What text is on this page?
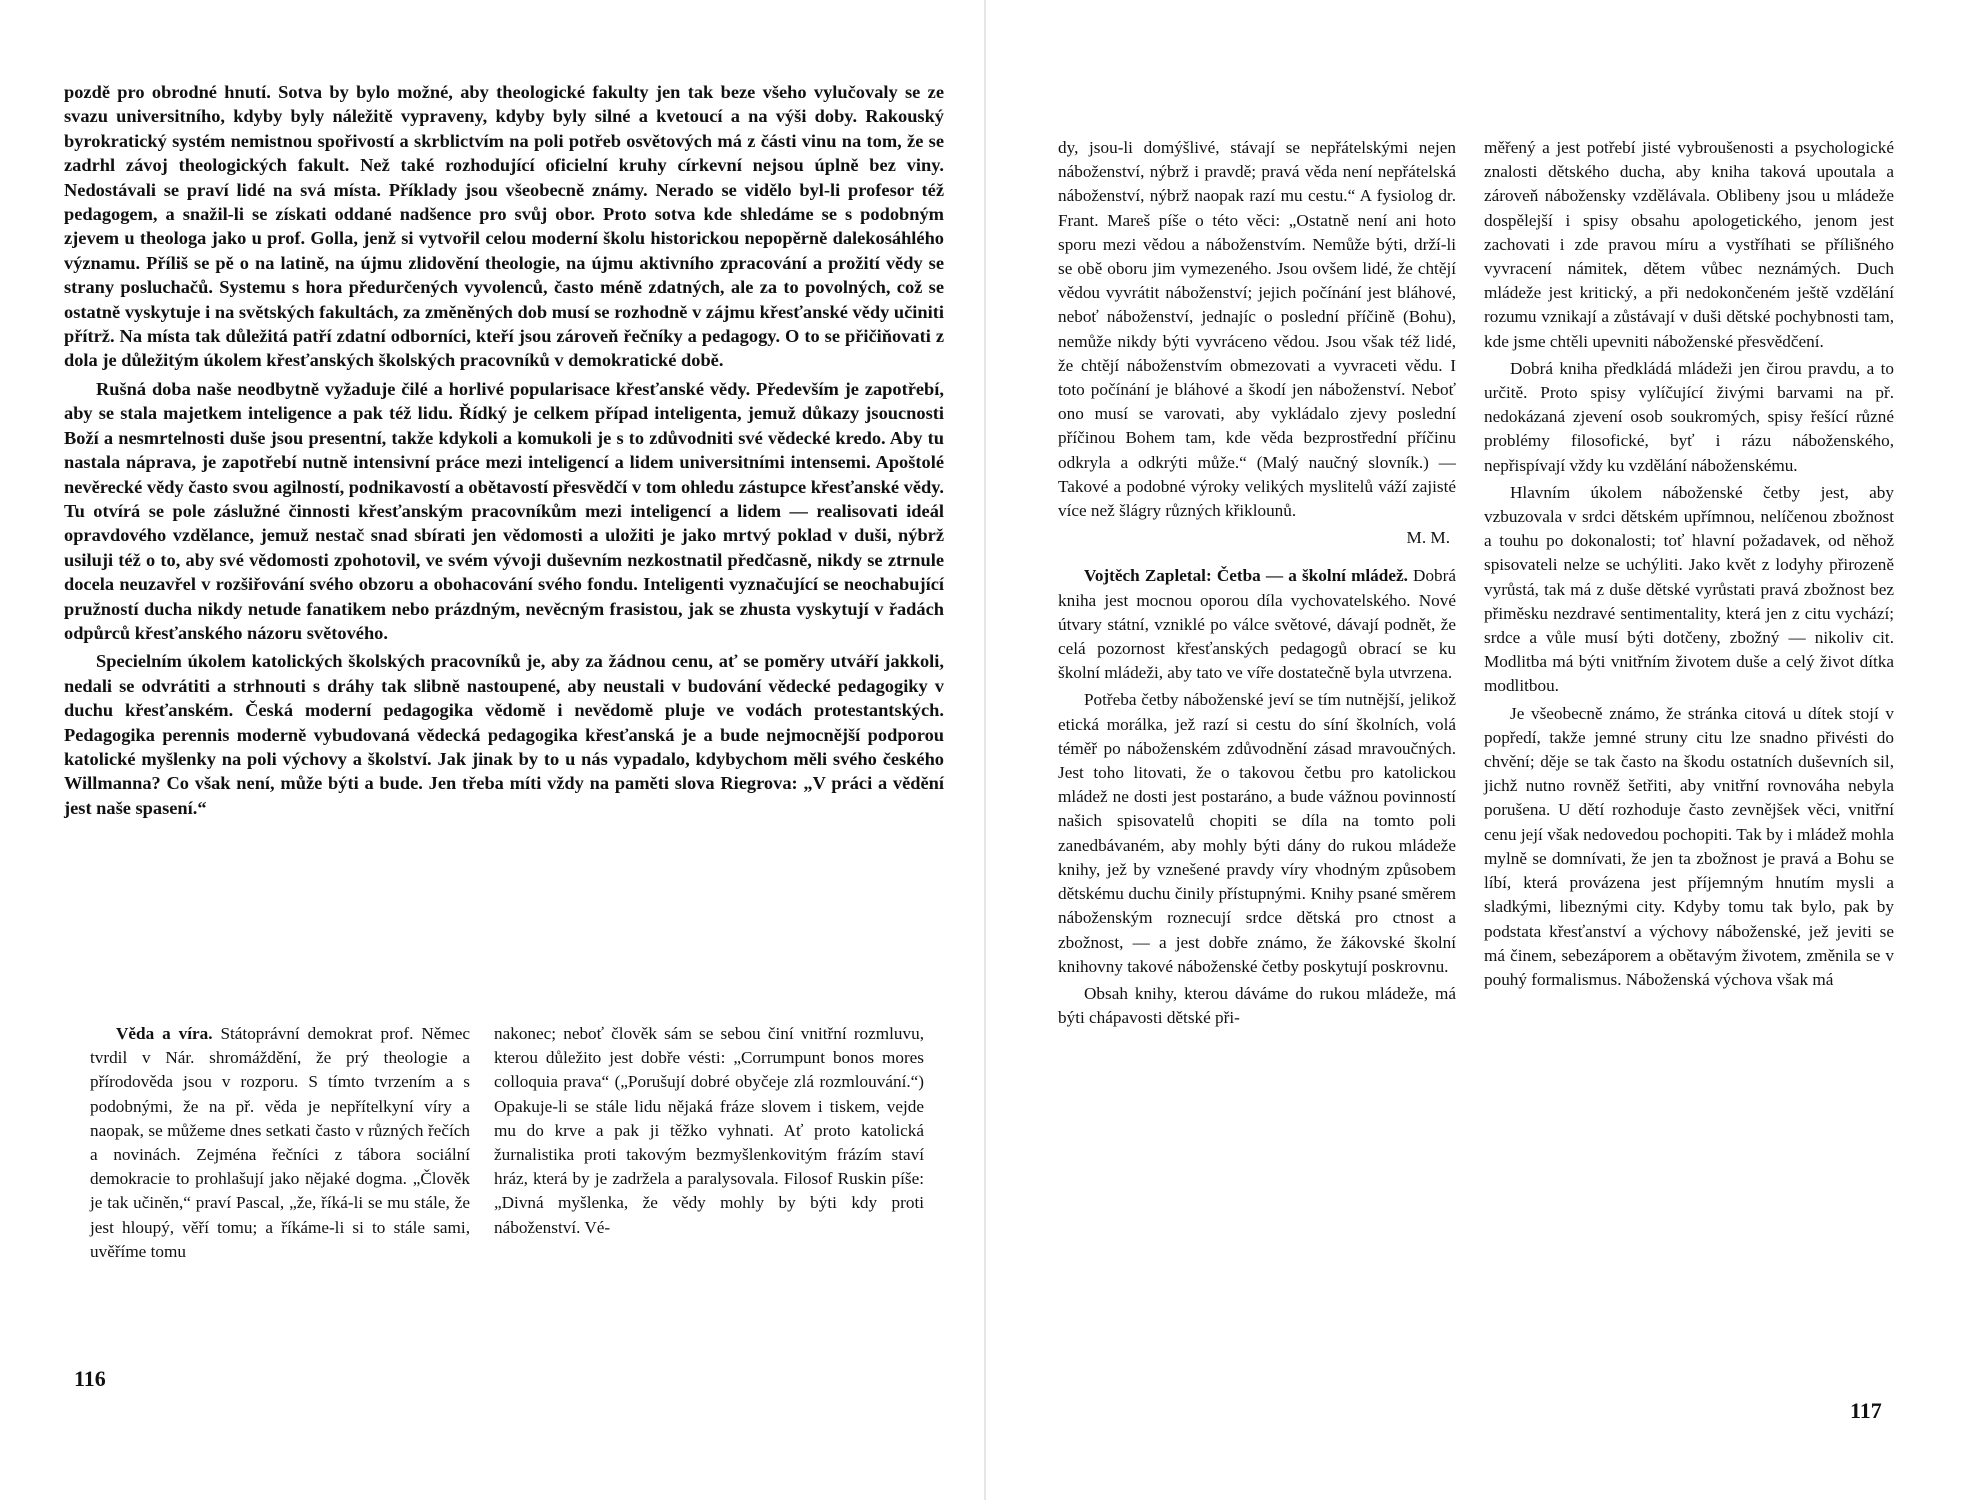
pozdě pro obrodné hnutí. Sotva by bylo možné, aby theologické fakulty jen tak beze všeho vylučovaly se ze svazu universitního, kdyby byly náležitě vypraveny, kdyby byly silné a kvetoucí a na výši doby. Rakouský byrokratický systém nemistnou spořivostí a skrblictvím na poli potřeb osvětových má z části vinu na tom, že se zadrhl závoj theologických fakult. Než také rozhodující oficielní kruhy církevní nejsou úplně bez viny. Nedostávali se praví lidé na svá místa. Příklady jsou všeobecně známy. Nerado se vidělo byl-li profesor též pedagogem, a snažil-li se získati oddané nadšence pro svůj obor. Proto sotva kde shledáme se s podobným zjevem u theologa jako u prof. Golla, jenž si vytvořil celou moderní školu historickou nepopěrně dalekosáhlého významu. Příliš se pě o na latině, na újmu zlidovění theologie, na újmu aktivního zpracování a prožití vědy se strany posluchačů. Systemu s hora předurčených vyvolenců, často méně zdatných, ale za to povolných, což se ostatně vyskytuje i na světských fakultách, za změněných dob musí se rozhodně v zájmu křesťanské vědy učiniti přítrž. Na místa tak důležitá patří zdatní odborníci, kteří jsou zároveň řečníky a pedagogy. O to se přičiňovati z dola je důležitým úkolem křesťanských školských pracovníků v demokratické době.

Rušná doba naše neodbytně vyžaduje čilé a horlivé popularisace křesťanské vědy. Především je zapotřebí, aby se stala majetkem inteligence a pak též lidu. Řídký je celkem případ inteligenta, jemuž důkazy jsoucnosti Boží a nesmrtelnosti duše jsou presentní, takže kdykoli a komukoli je s to zdůvodniti své vědecké kredo. Aby tu nastala náprava, je zapotřebí nutně intensivní práce mezi inteligencí a lidem universitními intensemi. Apoštolé nevěrecké vědy často svou agilností, podnikavostí a obětavostí přesvědčí v tom ohledu zástupce křesťanské vědy. Tu otvírá se pole záslužné činnosti křesťanským pracovníkům mezi inteligencí a lidem — realisovati ideál opravdového vzdělance, jemuž nestač snad sbírati jen vědomosti a uložiti je jako mrtvý poklad v duši, nýbrž usiluji též o to, aby své vědomosti zpohotovil, ve svém vývoji duševním nezkostnatil předčasně, nikdy se ztrnule docela neuzavřel v rozšiřování svého obzoru a obohacování svého fondu. Inteligenti vyznačující se neochabující pružností ducha nikdy netude fanatikem nebo prázdným, nevěcným frasistou, jak se zhusta vyskytují v řadách odpůrců křesťanského názoru světového.

Specielním úkolem katolických školských pracovníků je, aby za žádnou cenu, ať se poměry utváří jakkoli, nedali se odvrátiti a strhnouti s dráhy tak slibně nastoupené, aby neustali v budování vědecké pedagogiky v duchu křesťanském. Česká moderní pedagogika vědomě i nevědomě pluje ve vodách protestantských. Pedagogika perennis moderně vybudovaná vědecká pedagogika křesťanská je a bude nejmocnější podporou katolické myšlenky na poli výchovy a školství. Jak jinak by to u nás vypadalo, kdybychom měli svého českého Willmanna? Co však není, může býti a bude. Jen třeba míti vždy na paměti slova Riegrova: „V práci a vědění jest naše spasení.“

Věda a víra. Státoprávní demokrat prof. Němec tvrdil v Nár. shromáždění, že prý theologie a přírodověda jsou v rozporu. S tímto tvrzením a s podobnými, že na př. věda je nepřítelkyní víry a naopak, se můžeme dnes setkati často v různých řečích a novinách. Zejména řečníci z tábora sociální demokracie to prohlašují jako nějaké dogma. „Člověk je tak učiněn,“ praví Pascal, „že, říká-li se mu stále, že jest hloupý, věří tomu; a říkáme-li si to stále sami, uvěříme tomu

nakonec; neboť člověk sám se sebou činí vnitřní rozmluvu, kterou důležito jest dobře vésti: „Corrumpunt bonos mores colloquia prava“ („Porušují dobré obyčeje zlá rozmlouvání.“) Opakuje-li se stále lidu nějaká fráze slovem i tiskem, vejde mu do krve a pak ji těžko vyhnati. Ať proto katolická žurnalistika proti takovým bezmyšlenkovitým frázím staví hráz, která by je zadržela a paralysovala. Filosof Ruskin píše: „Divná myšlenka, že vědy mohly by býti kdy proti náboženství. Vé-

116

dy, jsou-li domýšlivé, stávají se nepřátelskými nejen náboženství, nýbrž i pravdě; pravá věda není nepřátelská náboženství, nýbrž naopak razí mu cestu.“ A fysiolog dr. Frant. Mareš píše o této věci: „Ostatně není ani hoto sporu mezi vědou a náboženstvím. Nemůže býti, drží-li se obě oboru jim vymezeného. Jsou ovšem lidé, že chtějí vědou vyvrátit náboženství; jejich počínání jest bláhové, neboť náboženství, jednajíc o poslední příčině (Bohu), nemůže nikdy býti vyvráceno vědou. Jsou však též lidé, že chtějí náboženstvím obmezovati a vyvraceti vědu. I toto počínání je bláhové a škodí jen náboženství. Neboť ono musí se varovati, aby vykládalo zjevy poslední příčinou Bohem tam, kde věda bezprostřední příčinu odkryla a odkrýti může.“ (Malý naučný slovník.) — Takové a podobné výroky velikých myslitelů váží zajisté více než šlágry různých křiklounů.

M. M.

Vojtěch Zapletal: Četba — a školní mládež. Dobrá kniha jest mocnou oporou díla vychovatelského. Nové útvary státní, vzniklé po válce světové, dávají podnět, že celá pozornost křesťanských pedagogů obrací se ku školní mládeži, aby tato ve víře dostatečně byla utvrzena.

Potřeba četby náboženské jeví se tím nutnější, jelikož etická morálka, jež razí si cestu do síní školních, volá téměř po náboženském zdůvodnění zásad mravoučných. Jest toho litovati, že o takovou četbu pro katolickou mládež ne dosti jest postaráno, a bude vážnou povinností našich spisovatelů chopiti se díla na tomto poli zanedbávaném, aby mohly býti dány do rukou mládeže knihy, jež by vznešené pravdy víry vhodným způsobem dětskému duchu činily přístupnými. Knihy psané směrem náboženským roznecují srdce dětská pro ctnost a zbožnost, — a jest dobře známo, že žákovské školní knihovny takové náboženské četby poskytují poskrovnu.

Obsah knihy, kterou dáváme do rukou mládeže, má býti chápavosti dětské při-

měřený a jest potřebí jisté vybroušenosti a psychologické znalosti dětského ducha, aby kniha taková upoutala a zároveň nábožensky vzdělávala. Oblibeny jsou u mládeže dospělejší i spisy obsahu apologetického, jenom jest zachovati i zde pravou míru a vystříhati se přílišného vyvracení námitek, dětem vůbec neznámých. Duch mládeže jest kritický, a při nedokončeném ještě vzdělání rozumu vznikají a zůstávají v duši dětské pochybnosti tam, kde jsme chtěli upevniti náboženské přesvědčení.

Dobrá kniha předkládá mládeži jen čirou pravdu, a to určitě. Proto spisy vylíčující živými barvami na př. nedokázaná zjevení osob soukromých, spisy řešící různé problémy filosofické, byť i rázu náboženského, nepřispívají vždy ku vzdělání náboženskému.

Hlavním úkolem náboženské četby jest, aby vzbuzovala v srdci dětském upřímnou, nelíčenou zbožnost a touhu po dokonalosti; toť hlavní požadavek, od něhož spisovateli nelze se uchýliti. Jako květ z lodyhy přirozeně vyrůstá, tak má z duše dětské vyrůstati pravá zbožnost bez přiměsku nezdravé sentimentality, která jen z citu vychází; srdce a vůle musí býti dotčeny, zbožný — nikoliv cit. Modlitba má býti vnitřním životem duše a celý život dítka modlitbou.

Je všeobecně známo, že stránka citová u dítek stojí v popředí, takže jemné struny citu lze snadno přivésti do chvění; děje se tak často na škodu ostatních duševních sil, jichž nutno rovněž šetřiti, aby vnitřní rovnováha nebyla porušena. U dětí rozhoduje často zevnějšek věci, vnitřní cenu její však nedovedou pochopiti. Tak by i mládež mohla mylně se domnívati, že jen ta zbožnost je pravá a Bohu se líbí, která provázena jest příjemným hnutím mysli a sladkými, libeznými city. Kdyby tomu tak bylo, pak by podstata křesťanství a výchovy náboženské, jež jeviti se má činem, sebezáporem a obětavým životem, změnila se v pouhý formalismus. Náboženská výchova však má

117
